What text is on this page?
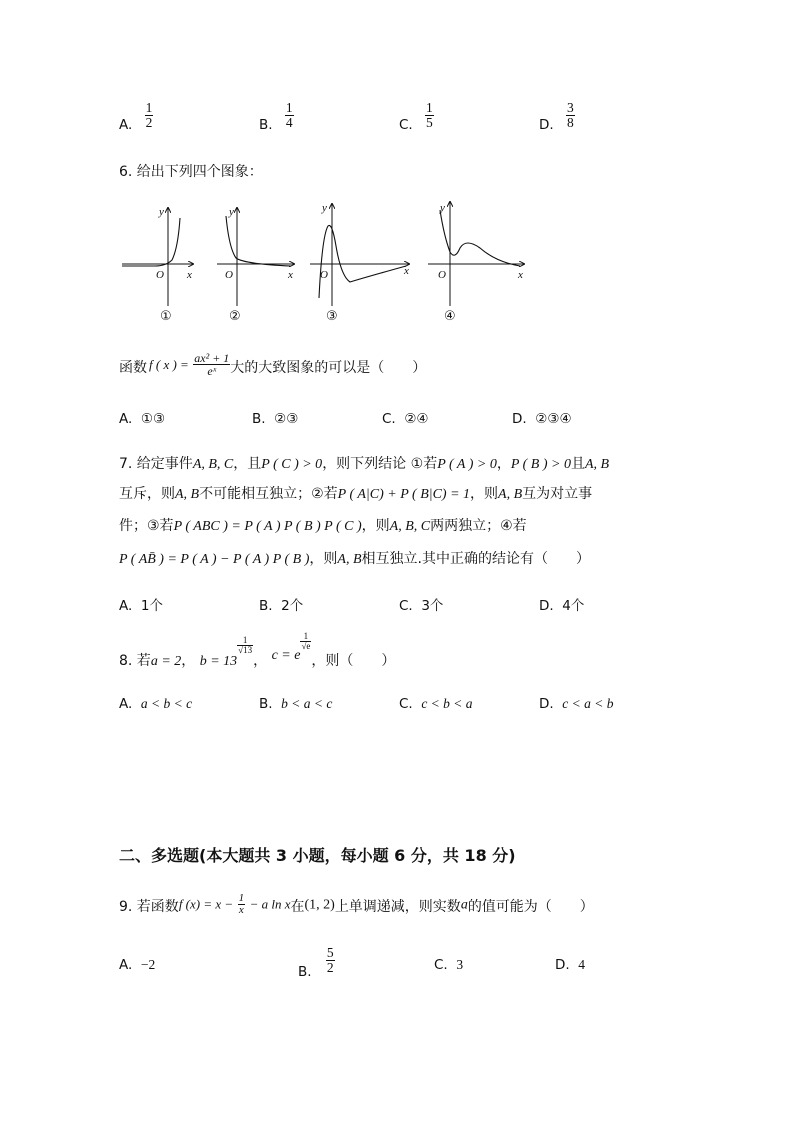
A. $\frac{1}{2}$	B. $\frac{1}{4}$	C. $\frac{1}{5}$	D. $\frac{3}{8}$
6. 给出下列四个图象：
y
x
O
①
y
x
O
②
y
x
O
③
y
x
O
④
函数 f ( x ) = $\frac{\text{ax² + 1}}{\text{eˣ}}$ 大的大致图象的可以是（　　）
A. ①③	B. ②③	C. ②④	D. ②③④
7. 给定事件A, B, C，且P ( C ) > 0，则下列结论 ①若P ( A ) > 0，P ( B ) > 0且A, B
互斥，则A, B不可能相互独立；②若P ( A|C) + P ( B|C) = 1，则A, B互为对立事
件；③若P ( ABC ) = P ( A ) P ( B ) P ( C )，则A, B, C两两独立；④若
P ( AB̄ ) = P ( A ) − P ( A ) P ( B )，则A, B相互独立.其中正确的结论有（　　）
A. 1个	B. 2个	C. 3个	D. 4个
8. 若a = 2， b = 13
$\frac{1}{√13}$
， c = e
$\frac{1}{√e}$
，则（　　）
A. a < b < c	B. b < a < c	C. c < b < a	D. c < a < b
二、多选题(本大题共 3 小题，每小题 6 分，共 18 分)
9. 若函数f $(x) = x - \frac{1}{x} - a$ ln x在(1, 2)上单调递减，则实数a的值可能为（　　）
A. −2	B. $\frac{5}{2}$	C. 3	D. 4
